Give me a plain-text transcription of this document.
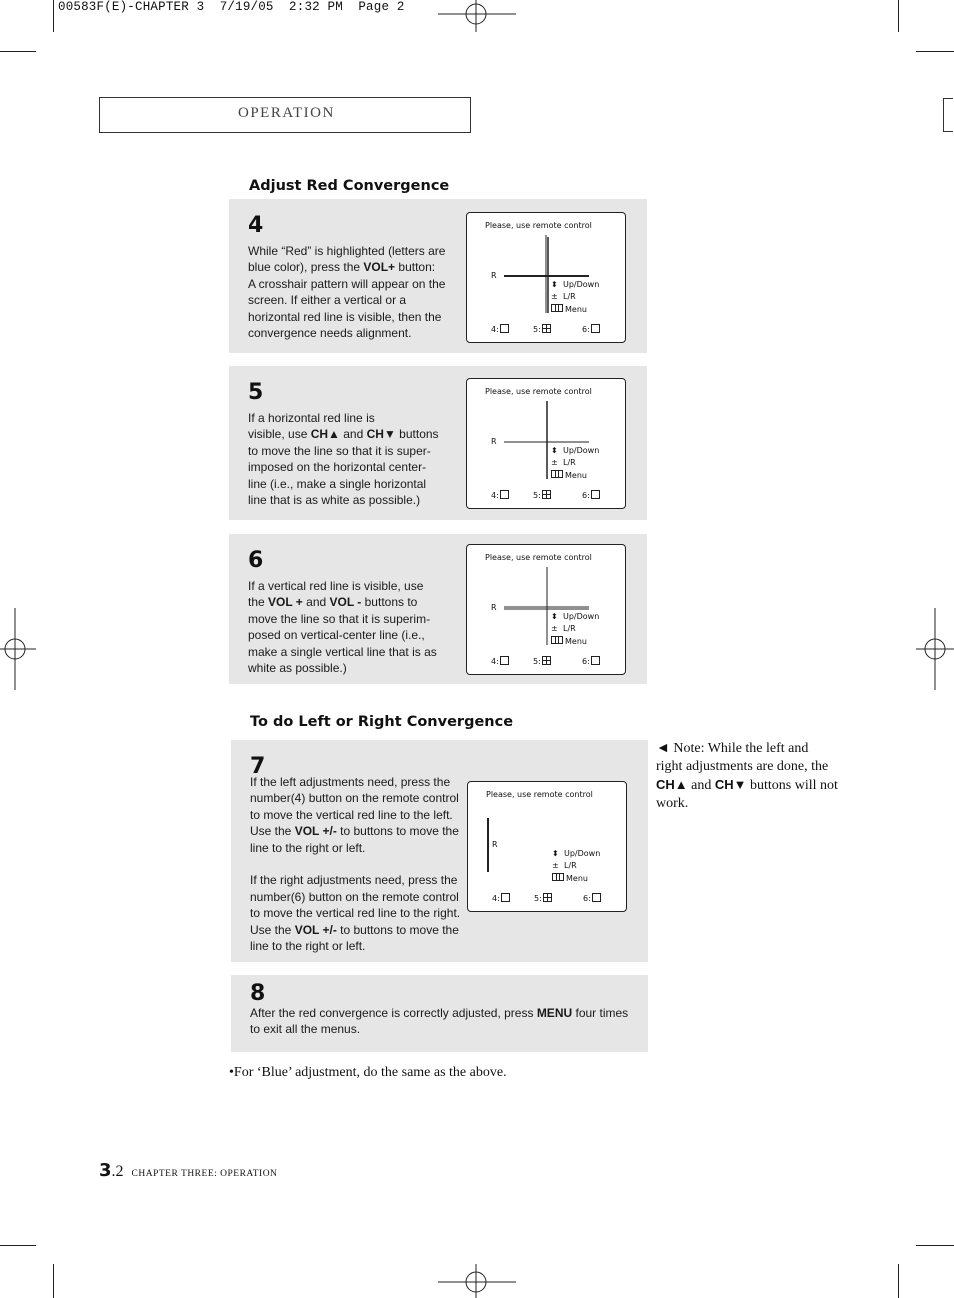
00583F(E)-CHAPTER 3  7/19/05  2:32 PM  Page 2
OPERATION
Adjust Red Convergence
4
While “Red” is highlighted (letters are
blue color), press the VOL+ button:
A crosshair pattern will appear on the
screen. If either a vertical or a
horizontal red line is visible, then the
convergence needs alignment.
Please, use remote control
R
⬍ Up/Down
± L/R
Menu
4:	5:	6:
5
If a horizontal red line is
visible, use CH▲ and CH▼ buttons
to move the line so that it is super-
imposed on the horizontal center-
line (i.e., make a single horizontal
line that is as white as possible.)
Please, use remote control
R
⬍ Up/Down
± L/R
Menu
4:	5:	6:
6
If a vertical red line is visible, use
the VOL + and VOL - buttons to
move the line so that it is superim-
posed on vertical-center line (i.e.,
make a single vertical line that is as
white as possible.)
Please, use remote control
R
⬍ Up/Down
± L/R
Menu
4:	5:	6:
To do Left or Right Convergence
7
If the left adjustments need, press the
number(4) button on the remote control
to move the vertical red line to the left.
Use the VOL +/- to buttons to move the
line to the right or left.
If the right adjustments need, press the
number(6) button on the remote control
to move the vertical red line to the right.
Use the VOL +/- to buttons to move the
line to the right or left.
Please, use remote control
R
⬍ Up/Down
± L/R
Menu
4:	5:	6:
8
After the red convergence is correctly adjusted, press MENU four times
to exit all the menus.
◄ Note: While the left and
right adjustments are done, the
CH▲ and CH▼ buttons will not
work.
•For ‘Blue’ adjustment, do the same as the above.
3.2 CHAPTER THREE: OPERATION
